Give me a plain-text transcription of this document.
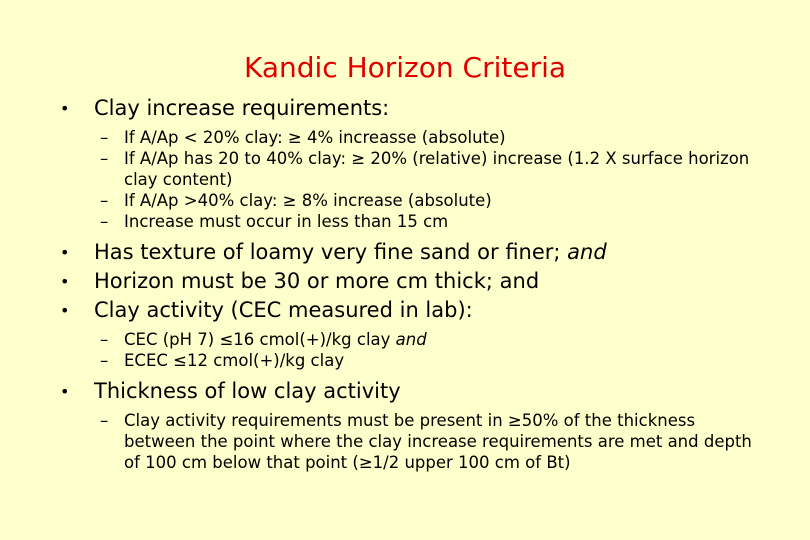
Kandic Horizon Criteria
• Clay increase requirements:
– If A/Ap < 20% clay: ≥ 4% increasse (absolute)
– If A/Ap has 20 to 40% clay: ≥ 20% (relative) increase (1.2 X surface horizon clay content)
– If A/Ap >40% clay: ≥ 8% increase (absolute)
– Increase must occur in less than 15 cm
• Has texture of loamy very fine sand or finer; and
• Horizon must be 30 or more cm thick; and
• Clay activity (CEC measured in lab):
– CEC (pH 7) ≤16 cmol(+)/kg clay and
– ECEC ≤12 cmol(+)/kg clay
• Thickness of low clay activity
– Clay activity requirements must be present in ≥50% of the thickness between the point where the clay increase requirements are met and depth of 100 cm below that point (≥1/2 upper 100 cm of Bt)
